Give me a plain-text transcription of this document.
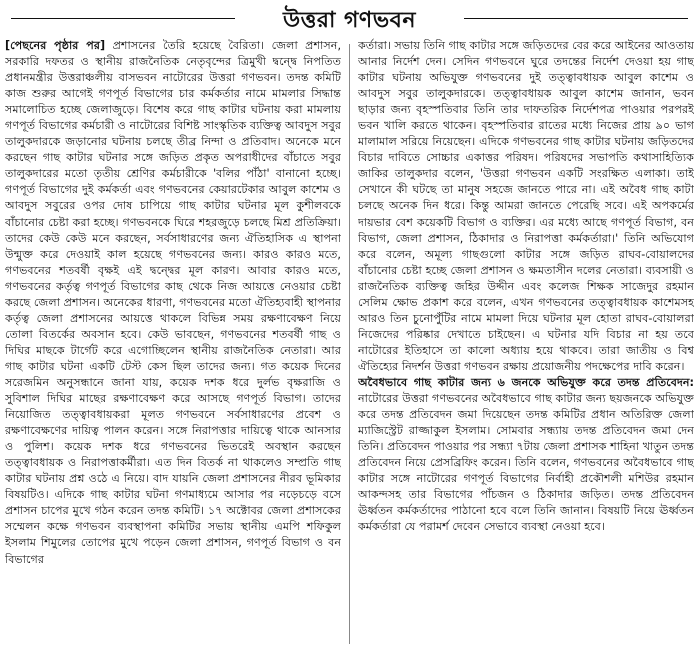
উত্তরা গণভবন

[পেছনের পৃষ্ঠার পর] প্রশাসনের তৈরি হয়েছে বৈরিতা। জেলা প্রশাসন, সরকারি দফতর ও স্থানীয় রাজনৈতিক নেতৃবৃন্দের ত্রিমুখী দ্বন্দ্বে নিপতিত প্রধানমন্ত্রীর উত্তরাঞ্চলীয় বাসভবন নাটোরের উত্তরা গণভবন। তদন্ত কমিটি কাজ শুরুর আগেই গণপূর্ত বিভাগের চার কর্মকর্তার নামে মামলার সিদ্ধান্ত সমালোচিত হচ্ছে জেলাজুড়ে। বিশেষ করে গাছ কাটার ঘটনায় করা মামলায় গণপূর্ত বিভাগের কর্মচারী ও নাটোরের বিশিষ্ট সাংস্কৃতিক ব্যক্তিত্ব আবদুস সবুর তালুকদারকে জড়ানোর ঘটনায় চলছে তীব্র নিন্দা ও প্রতিবাদ। অনেকে মনে করছেন গাছ কাটার ঘটনার সঙ্গে জড়িত প্রকৃত অপরাধীদের বাঁচাতে সবুর তালুকদারের মতো তৃতীয় শ্রেণির কর্মচারীকে 'বলির পাঁঠা' বানানো হচ্ছে। গণপূর্ত বিভাগের দুই কর্মকর্তা এবং গণভবনের কেয়ারটেকার আবুল কাশেম ও আবদুস সবুরের ওপর দোষ চাপিয়ে গাছ কাটার ঘটনার মূল কুশীলবকে বাঁচানোর চেষ্টা করা হচ্ছে। গণভবনকে ঘিরে শহরজুড়ে চলছে মিশ্র প্রতিক্রিয়া। তাদের কেউ কেউ মনে করছেন, সর্বসাধারণের জন্য ঐতিহাসিক এ স্থাপনা উন্মুক্ত করে দেওয়াই কাল হয়েছে গণভবনের জন্য। কারও কারও মতে, গণভবনের শতবর্ষী বৃক্ষই এই দ্বন্দ্বের মূল কারণ। আবার কারও মতে, গণভবনের কর্তৃত্ব গণপূর্ত বিভাগের কাছ থেকে নিজ আয়ত্তে নেওয়ার চেষ্টা করছে জেলা প্রশাসন। অনেকের ধারণা, গণভবনের মতো ঐতিহ্যবাহী স্থাপনার কর্তৃত্ব জেলা প্রশাসনের আয়ত্তে থাকলে বিভিন্ন সময় রক্ষণাবেক্ষণ নিয়ে তোলা বিতর্কের অবসান হবে। কেউ ভাবছেন, গণভবনের শতবর্ষী গাছ ও দিঘির মাছকে টার্গেট করে এগোচ্ছিলেন স্থানীয় রাজনৈতিক নেতারা। আর গাছ কাটার ঘটনা একটি টেস্ট কেস ছিল তাদের জন্য। গত কয়েক দিনের সরেজমিন অনুসন্ধানে জানা যায়, কয়েক দশক ধরে দুর্লভ বৃক্ষরাজি ও সুবিশাল দিঘির মাছের রক্ষণাবেক্ষণ করে আসছে গণপূর্ত বিভাগ। তাদের নিয়োজিত তত্ত্বাবধায়করা মূলত গণভবনে সর্বসাধারণের প্রবেশ ও রক্ষণাবেক্ষণের দায়িত্ব পালন করেন। সঙ্গে নিরাপত্তার দায়িত্বে থাকে আনসার ও পুলিশ। কয়েক দশক ধরে গণভবনের ভিতরেই অবস্থান করছেন তত্ত্বাবধায়ক ও নিরাপত্তাকর্মীরা। এত দিন বিতর্ক না থাকলেও সম্প্রতি গাছ কাটার ঘটনায় প্রশ্ন ওঠে এ নিয়ে। বাদ যায়নি জেলা প্রশাসনের নীরব ভূমিকার বিষয়টিও। এদিকে গাছ কাটার ঘটনা গণমাধ্যমে আসার পর নড়েচড়ে বসে প্রশাসন চাপের মুখে গঠন করেন তদন্ত কমিটি। ১৭ অক্টোবর জেলা প্রশাসকের সম্মেলন কক্ষে গণভবন ব্যবস্থাপনা কমিটির সভায় স্থানীয় এমপি শফিকুল ইসলাম শিমুলের তোপের মুখে পড়েন জেলা প্রশাসন, গণপূর্ত বিভাগ ও বন বিভাগের

কর্তারা। সভায় তিনি গাছ কাটার সঙ্গে জড়িতদের বের করে আইনের আওতায় আনার নির্দেশ দেন। সেদিন গণভবনে ঘুরে তদন্তের নির্দেশ দেওয়া হয় গাছ কাটার ঘটনায় অভিযুক্ত গণভবনের দুই তত্ত্বাবধায়ক আবুল কাশেম ও আবদুস সবুর তালুকদারকে। তত্ত্বাবধায়ক আবুল কাশেম জানান, ভবন ছাড়ার জন্য বৃহস্পতিবার তিনি তার দাফতরিক নির্দেশপত্র পাওয়ার পরপরই ভবন খালি করতে থাকেন। বৃহস্পতিবার রাতের মধ্যে নিজের প্রায় ৯০ ভাগ মালামাল সরিয়ে নিয়েছেন। এদিকে গণভবনের গাছ কাটার ঘটনায় জড়িতদের বিচার দাবিতে সোচ্চার একাত্তর পরিষদ। পরিষদের সভাপতি কথাসাহিত্যিক জাকির তালুকদার বলেন, 'উত্তরা গণভবন একটি সংরক্ষিত এলাকা। তাই সেখানে কী ঘটছে তা মানুষ সহজে জানতে পারে না। এই অবৈধ গাছ কাটা চলছে অনেক দিন ধরে। কিন্তু আমরা জানতে পেরেছি সবে। এই অপকর্মের দায়ভার বেশ কয়েকটি বিভাগ ও ব্যক্তির। এর মধ্যে আছে গণপূর্ত বিভাগ, বন বিভাগ, জেলা প্রশাসন, ঠিকাদার ও নিরাপত্তা কর্মকর্তারা।' তিনি অভিযোগ করে বলেন, অমূল্য গাছগুলো কাটার সঙ্গে জড়িত রাঘব-বোয়ালদের বাঁচানোর চেষ্টা হচ্ছে জেলা প্রশাসন ও ক্ষমতাসীন দলের নেতারা। ব্যবসায়ী ও রাজনৈতিক ব্যক্তিত্ব জহির উদ্দীন এবং কলেজ শিক্ষক সাজেদুর রহমান সেলিম ক্ষোভ প্রকাশ করে বলেন, এখন গণভবনের তত্ত্বাবধায়ক কাশেমসহ আরও তিন চুনোপুঁটির নামে মামলা দিয়ে ঘটনার মূল হোতা রাঘব-বোয়ালরা নিজেদের পরিষ্কার দেখাতে চাইছেন। এ ঘটনার যদি বিচার না হয় তবে নাটোরের ইতিহাসে তা কালো অধ্যায় হয়ে থাকবে। তারা জাতীয় ও বিশ্ব ঐতিহ্যের নিদর্শন উত্তরা গণভবন রক্ষায় প্রয়োজনীয় পদক্ষেপের দাবি করেন।

অবৈধভাবে গাছ কাটার জন্য ৬ জনকে অভিযুক্ত করে তদন্ত প্রতিবেদন: নাটোরের উত্তরা গণভবনের অবৈধভাবে গাছ কাটার জন্য ছয়জনকে অভিযুক্ত করে তদন্ত প্রতিবেদন জমা দিয়েছেন তদন্ত কমিটির প্রধান অতিরিক্ত জেলা ম্যাজিস্ট্রেট রাজ্জাকুল ইসলাম। সোমবার সন্ধ্যায় তদন্ত প্রতিবেদন জমা দেন তিনি। প্রতিবেদন পাওয়ার পর সন্ধ্যা ৭টায় জেলা প্রশাসক শাহিনা খাতুন তদন্ত প্রতিবেদন নিয়ে প্রেসব্রিফিং করেন। তিনি বলেন, গণভবনের অবৈধভাবে গাছ কাটার সঙ্গে নাটোরের গণপূর্ত বিভাগের নির্বাহী প্রকৌশলী মশিউর রহমান আকন্দসহ তার বিভাগের পাঁচজন ও ঠিকাদার জড়িত। তদন্ত প্রতিবেদন ঊর্ধ্বতন কর্মকর্তাদের পাঠানো হবে বলে তিনি জানান। বিষয়টি নিয়ে ঊর্ধ্বতন কর্মকর্তারা যে পরামর্শ দেবেন সেভাবে ব্যবস্থা নেওয়া হবে।
